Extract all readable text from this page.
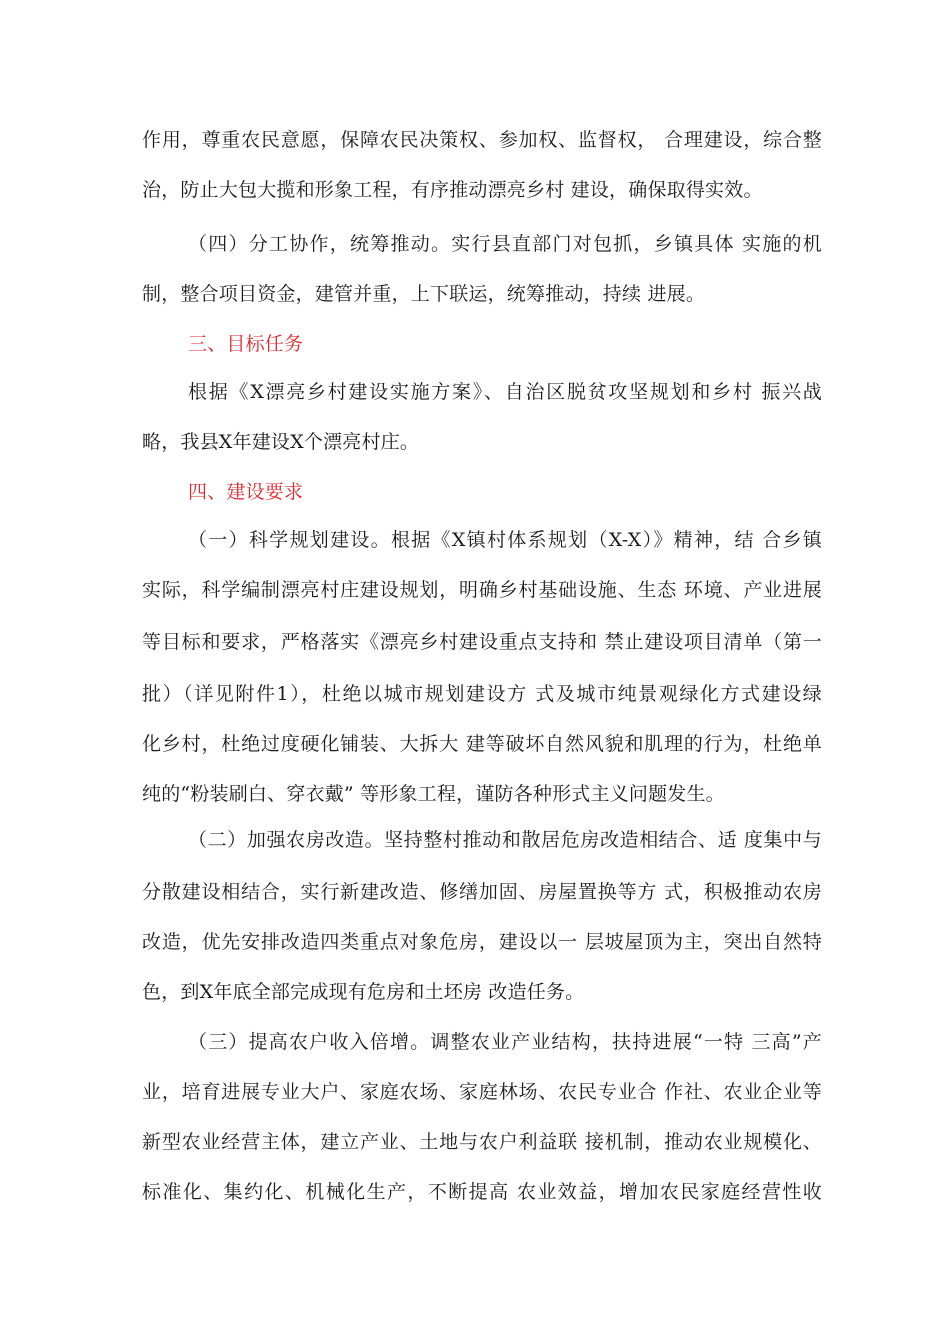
作用，尊重农民意愿，保障农民决策权、参加权、监督权， 合理建设，综合整
治，防止大包大揽和形象工程，有序推动漂亮乡村 建设，确保取得实效。
（四）分工协作，统筹推动。实行县直部门对包抓，乡镇具体 实施的机
制，整合项目资金，建管并重，上下联运，统筹推动，持续 进展。
三、目标任务
根据《X漂亮乡村建设实施方案》、自治区脱贫攻坚规划和乡村 振兴战
略，我县X年建设X个漂亮村庄。
四、建设要求
（一）科学规划建设。根据《X镇村体系规划（X-X）》精神，结 合乡镇
实际，科学编制漂亮村庄建设规划，明确乡村基础设施、生态 环境、产业进展
等目标和要求，严格落实《漂亮乡村建设重点支持和 禁止建设项目清单（第一
批）（详见附件1），杜绝以城市规划建设方 式及城市纯景观绿化方式建设绿
化乡村，杜绝过度硬化铺装、大拆大 建等破坏自然风貌和肌理的行为，杜绝单
纯的“粉装刷白、穿衣戴” 等形象工程，谨防各种形式主义问题发生。
（二）加强农房改造。坚持整村推动和散居危房改造相结合、适 度集中与
分散建设相结合，实行新建改造、修缮加固、房屋置换等方 式，积极推动农房
改造，优先安排改造四类重点对象危房，建设以一 层坡屋顶为主，突出自然特
色，到X年底全部完成现有危房和土坯房 改造任务。
（三）提高农户收入倍增。调整农业产业结构，扶持进展“一特 三高”产
业，培育进展专业大户、家庭农场、家庭林场、农民专业合 作社、农业企业等
新型农业经营主体，建立产业、土地与农户利益联 接机制，推动农业规模化、
标准化、集约化、机械化生产，不断提高 农业效益，增加农民家庭经营性收
